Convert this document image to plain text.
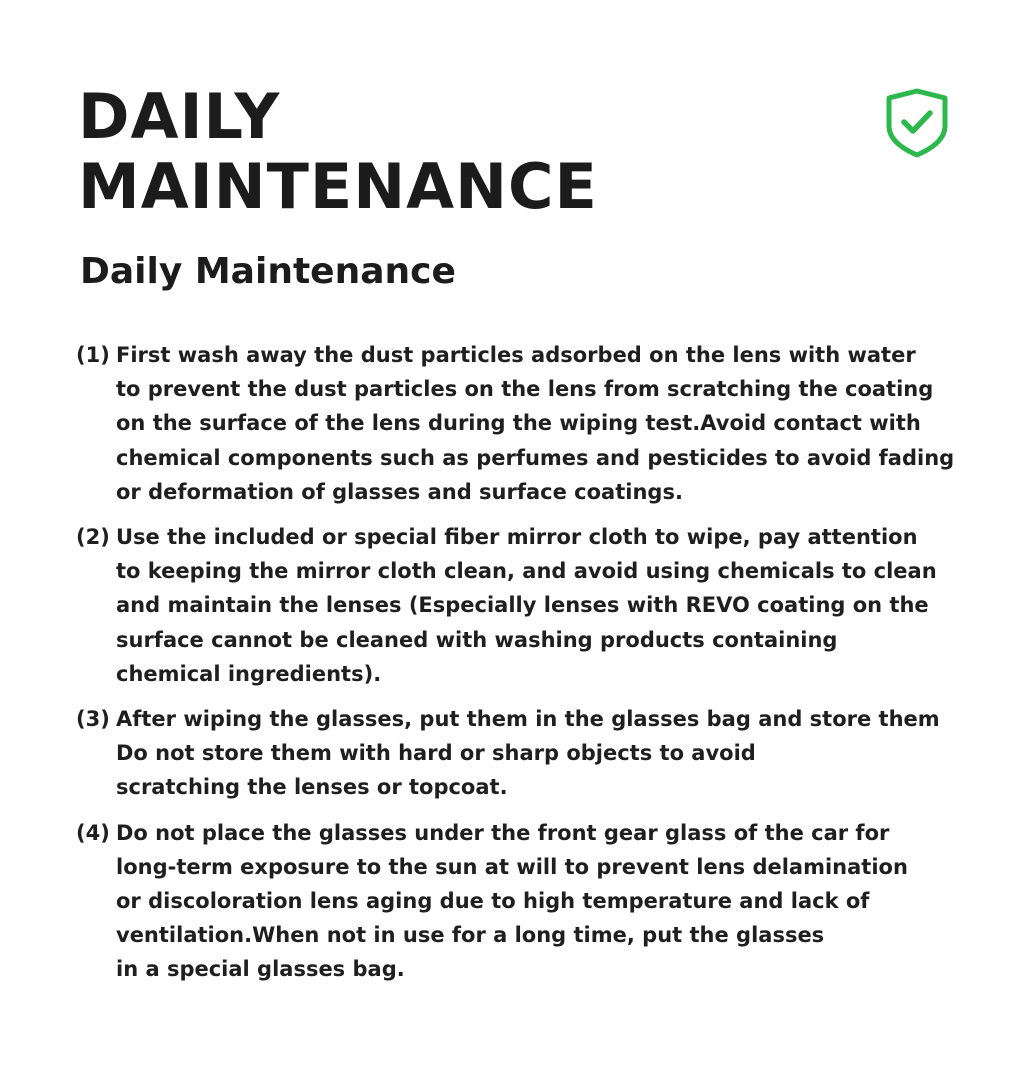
DAILY
MAINTENANCE
Daily Maintenance
(1) First wash away the dust particles adsorbed on the lens with water
to prevent the dust particles on the lens from scratching the coating
on the surface of the lens during the wiping test.Avoid contact with
chemical components such as perfumes and pesticides to avoid fading
or deformation of glasses and surface coatings.
(2) Use the included or special fiber mirror cloth to wipe, pay attention
to keeping the mirror cloth clean, and avoid using chemicals to clean
and maintain the lenses (Especially lenses with REVO coating on the
surface cannot be cleaned with washing products containing
chemical ingredients).
(3) After wiping the glasses, put them in the glasses bag and store them
Do not store them with hard or sharp objects to avoid
scratching the lenses or topcoat.
(4) Do not place the glasses under the front gear glass of the car for
long-term exposure to the sun at will to prevent lens delamination
or discoloration lens aging due to high temperature and lack of
ventilation.When not in use for a long time, put the glasses
in a special glasses bag.
